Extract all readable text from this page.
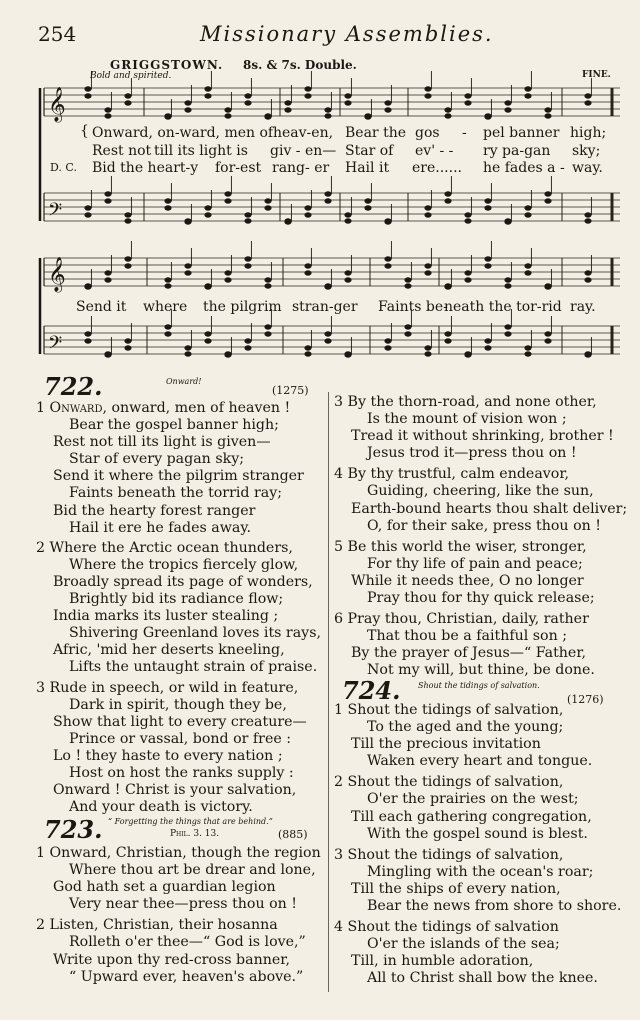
254	Missionary Assemblies.
GRIGGSTOWN. 8s. & 7s. Double.
Bold and spirited.	FINE.
𝄞
𝄢
𝄞
𝄢
{ Onward, on-ward, men of heav-en, Bear the gos - pel banner high;
Rest not till its light is giv - en— Star of ev' - - ry pa-gan sky;
D. C. Bid the heart-y for-est rang- er Hail it ere...... he fades a - way.
Send it where the pilgrim stran-ger Faints be-
neath the tor-rid ray.
722.	Onward!
(1275)
1 Onward, onward, men of heaven !
Bear the gospel banner high;
Rest not till its light is given—
Star of every pagan sky;
Send it where the pilgrim stranger
Faints beneath the torrid ray;
Bid the hearty forest ranger
Hail it ere he fades away.
2 Where the Arctic ocean thunders,
Where the tropics fiercely glow,
Broadly spread its page of wonders,
Brightly bid its radiance flow;
India marks its luster stealing ;
Shivering Greenland loves its rays,
Afric, 'mid her deserts kneeling,
Lifts the untaught strain of praise.
3 Rude in speech, or wild in feature,
Dark in spirit, though they be,
Show that light to every creature—
Prince or vassal, bond or free :
Lo ! they haste to every nation ;
Host on host the ranks supply :
Onward ! Christ is your salvation,
And your death is victory.
723. “ Forgetting the things that are behind.”
Phil. 3. 13.	(885)
1 Onward, Christian, though the region
Where thou art be drear and lone,
God hath set a guardian legion
Very near thee—press thou on !
2 Listen, Christian, their hosanna
Rolleth o'er thee—“ God is love,”
Write upon thy red-cross banner,
“ Upward ever, heaven's above.”
3 By the thorn-road, and none other,
Is the mount of vision won ;
Tread it without shrinking, brother !
Jesus trod it—press thou on !
4 By thy trustful, calm endeavor,
Guiding, cheering, like the sun,
Earth-bound hearts thou shalt deliver;
O, for their sake, press thou on !
5 Be this world the wiser, stronger,
For thy life of pain and peace;
While it needs thee, O no longer
Pray thou for thy quick release;
6 Pray thou, Christian, daily, rather
That thou be a faithful son ;
By the prayer of Jesus—“ Father,
Not my will, but thine, be done.
724. Shout the tidings of salvation.
(1276)
1 Shout the tidings of salvation,
To the aged and the young;
Till the precious invitation
Waken every heart and tongue.
2 Shout the tidings of salvation,
O'er the prairies on the west;
Till each gathering congregation,
With the gospel sound is blest.
3 Shout the tidings of salvation,
Mingling with the ocean's roar;
Till the ships of every nation,
Bear the news from shore to shore.
4 Shout the tidings of salvation
O'er the islands of the sea;
Till, in humble adoration,
All to Christ shall bow the knee.
